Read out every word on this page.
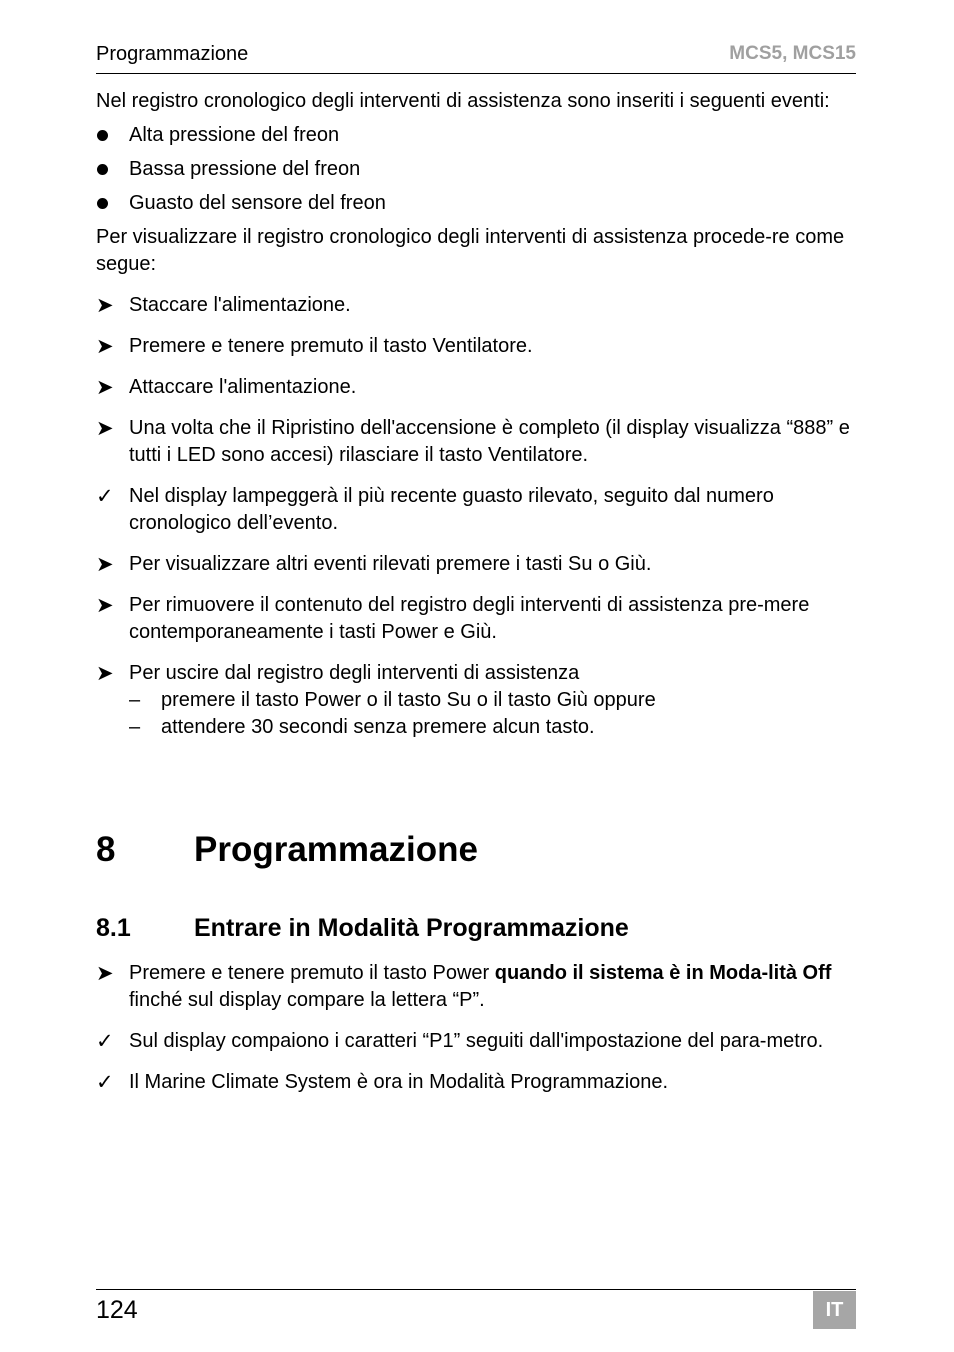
Programmazione	MCS5, MCS15

Nel registro cronologico degli interventi di assistenza sono inseriti i seguenti eventi:

Alta pressione del freon
Bassa pressione del freon
Guasto del sensore del freon

Per visualizzare il registro cronologico degli interventi di assistenza procede-re come segue:

➤ Staccare l'alimentazione.
➤ Premere e tenere premuto il tasto Ventilatore.
➤ Attaccare l'alimentazione.
➤ Una volta che il Ripristino dell'accensione è completo (il display visualizza “888” e tutti i LED sono accesi) rilasciare il tasto Ventilatore.
✓ Nel display lampeggerà il più recente guasto rilevato, seguito dal numero cronologico dell’evento.
➤ Per visualizzare altri eventi rilevati premere i tasti Su o Giù.
➤ Per rimuovere il contenuto del registro degli interventi di assistenza pre-mere contemporaneamente i tasti Power e Giù.
➤ Per uscire dal registro degli interventi di assistenza
– premere il tasto Power o il tasto Su o il tasto Giù oppure
– attendere 30 secondi senza premere alcun tasto.
8 Programmazione
8.1	Entrare in Modalità Programmazione
➤ Premere e tenere premuto il tasto Power quando il sistema è in Moda-lità Off finché sul display compare la lettera “P”.
✓ Sul display compaiono i caratteri “P1” seguiti dall'impostazione del para-metro.
✓ Il Marine Climate System è ora in Modalità Programmazione.
124	IT
